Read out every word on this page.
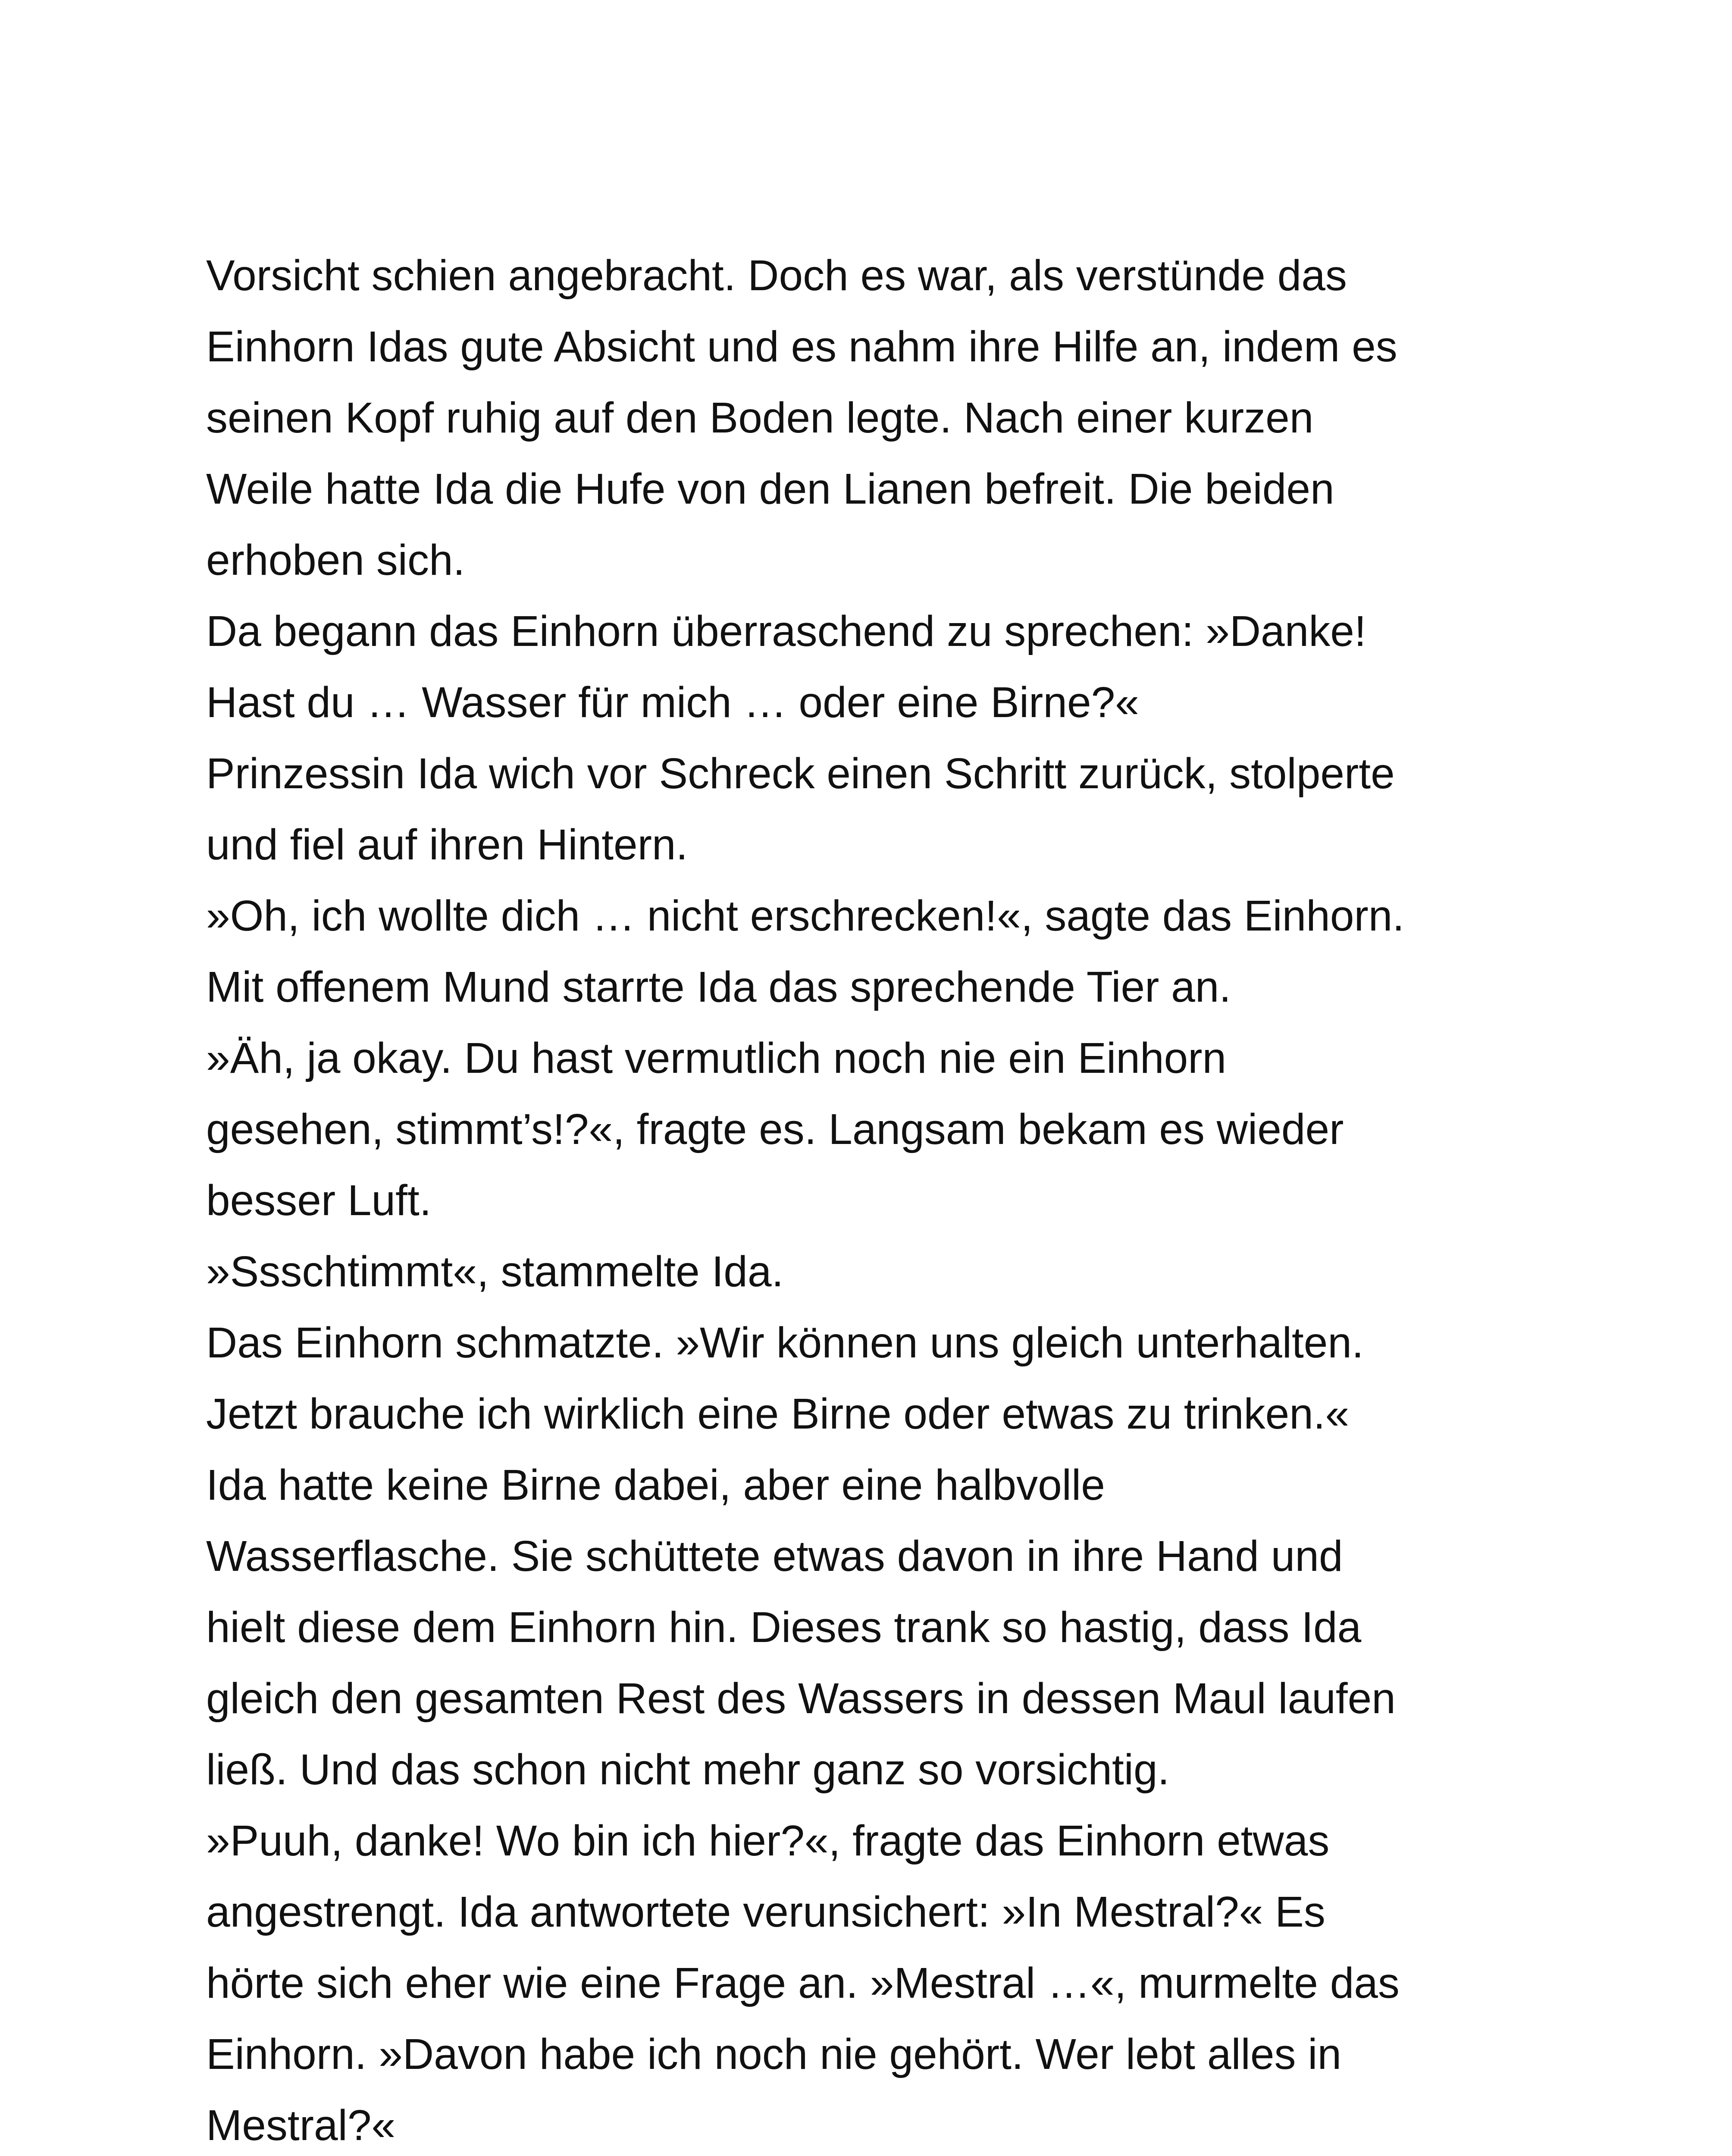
Vorsicht schien angebracht. Doch es war, als verstünde das
Einhorn Idas gute Absicht und es nahm ihre Hilfe an, indem es
seinen Kopf ruhig auf den Boden legte. Nach einer kurzen
Weile hatte Ida die Hufe von den Lianen befreit. Die beiden
erhoben sich.
Da begann das Einhorn überraschend zu sprechen: »Danke!
Hast du … Wasser für mich … oder eine Birne?«
Prinzessin Ida wich vor Schreck einen Schritt zurück, stolperte
und fiel auf ihren Hintern.
»Oh, ich wollte dich … nicht erschrecken!«, sagte das Einhorn.
Mit offenem Mund starrte Ida das sprechende Tier an.
»Äh, ja okay. Du hast vermutlich noch nie ein Einhorn
gesehen, stimmt’s!?«, fragte es. Langsam bekam es wieder
besser Luft.
»Ssschtimmt«, stammelte Ida.
Das Einhorn schmatzte. »Wir können uns gleich unterhalten.
Jetzt brauche ich wirklich eine Birne oder etwas zu trinken.«
Ida hatte keine Birne dabei, aber eine halbvolle
Wasserflasche. Sie schüttete etwas davon in ihre Hand und
hielt diese dem Einhorn hin. Dieses trank so hastig, dass Ida
gleich den gesamten Rest des Wassers in dessen Maul laufen
ließ. Und das schon nicht mehr ganz so vorsichtig.
»Puuh, danke! Wo bin ich hier?«, fragte das Einhorn etwas
angestrengt. Ida antwortete verunsichert: »In Mestral?« Es
hörte sich eher wie eine Frage an. »Mestral …«, murmelte das
Einhorn. »Davon habe ich noch nie gehört. Wer lebt alles in
Mestral?«
